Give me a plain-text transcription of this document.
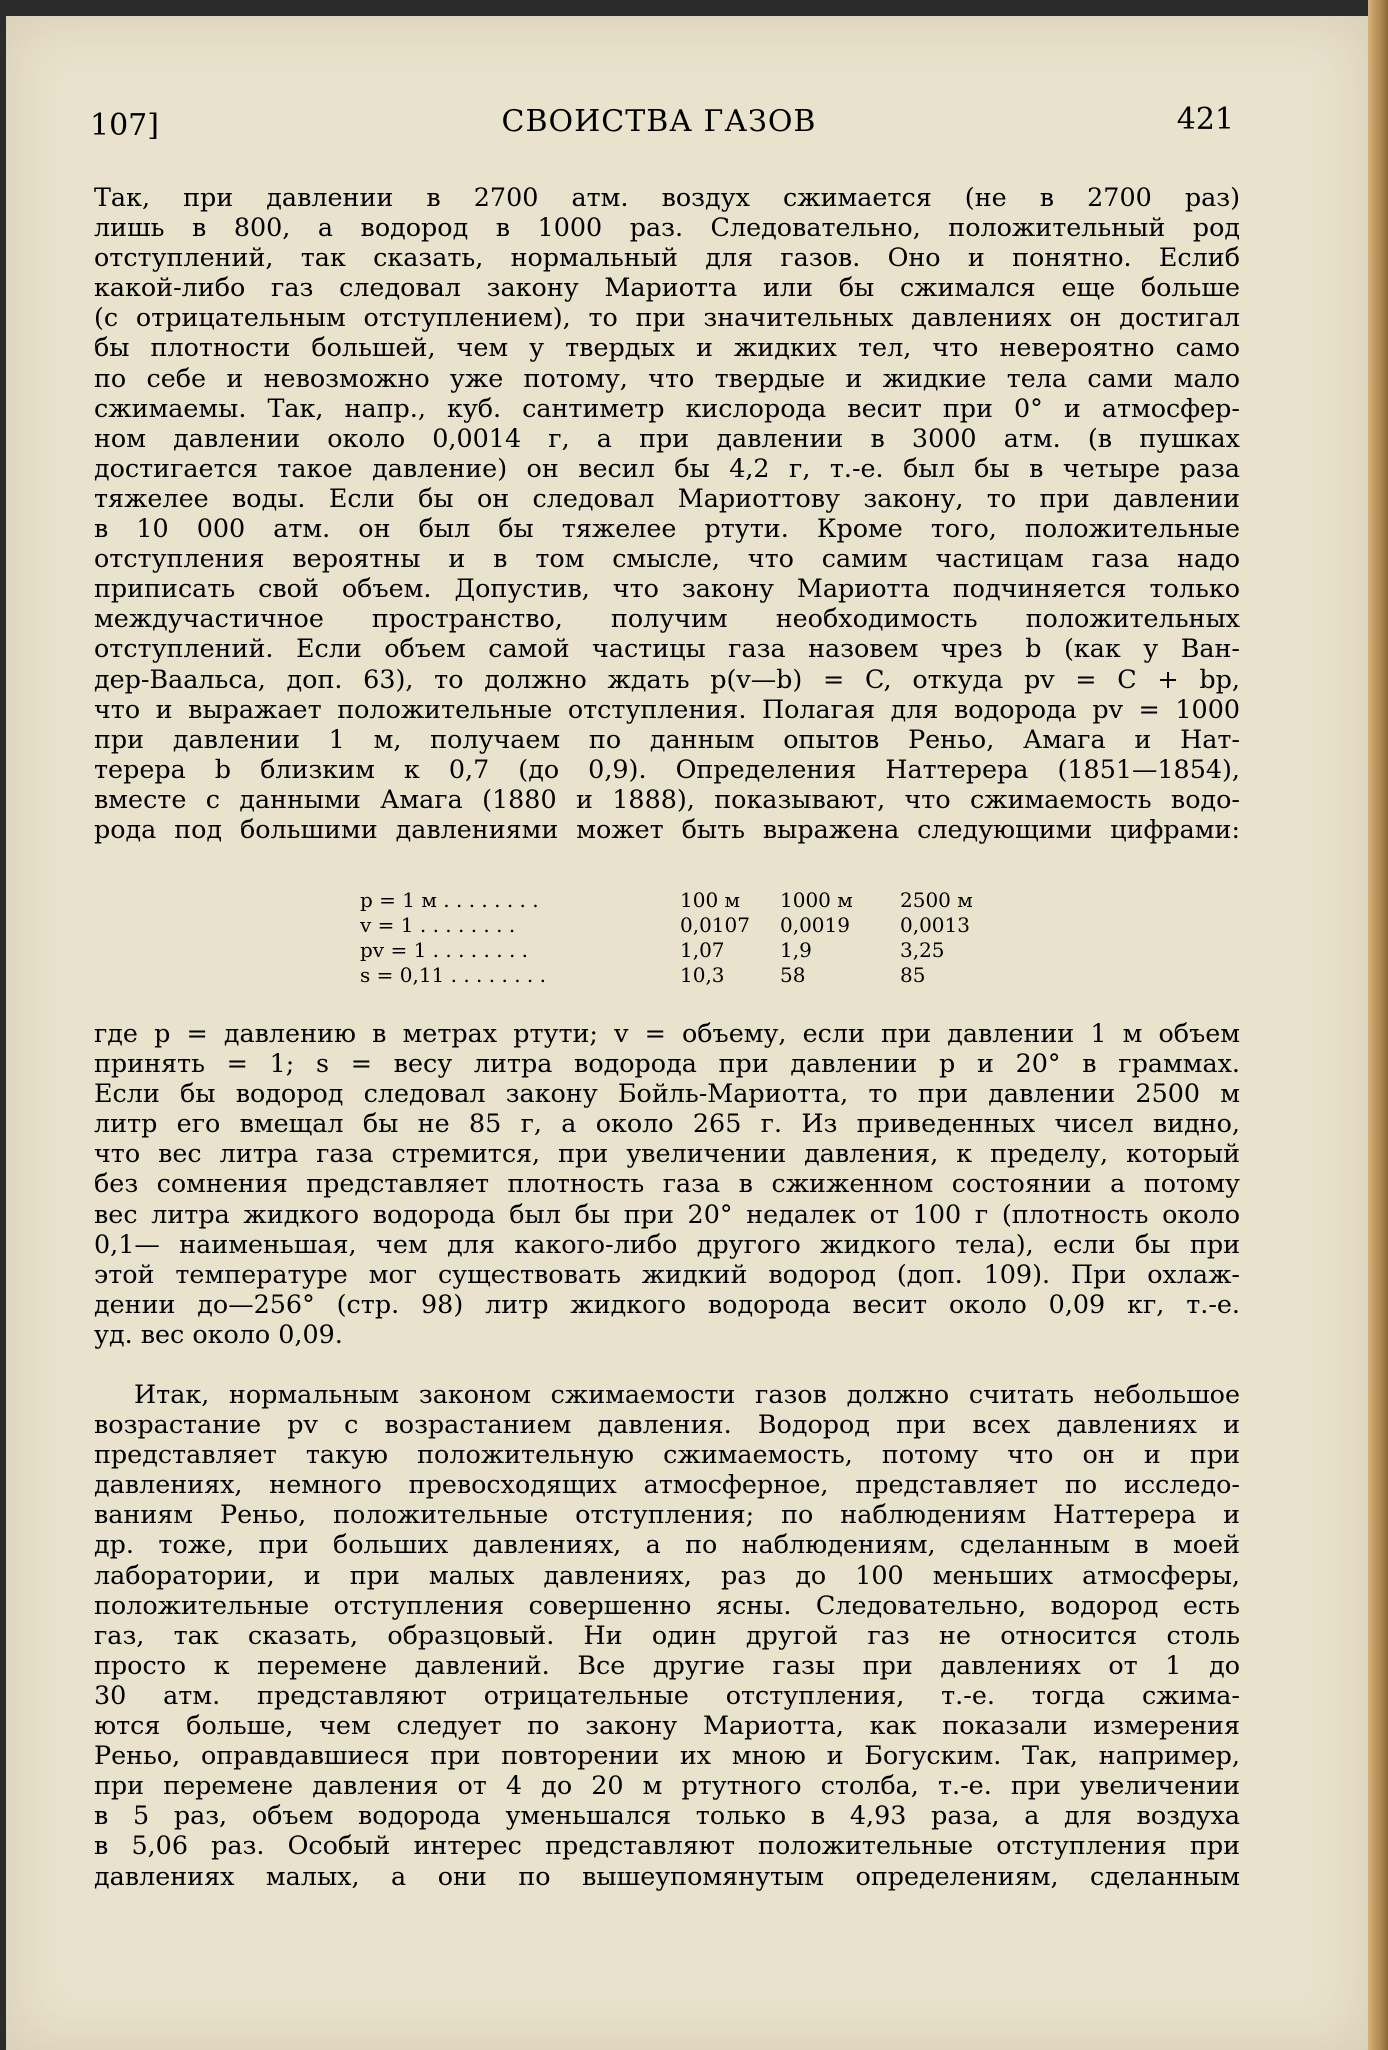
107]	СВОИСТВА ГАЗОВ	421
Так, при давлении в 2700 атм. воздух сжимается (не в 2700 раз)
лишь в 800, а водород в 1000 раз. Следовательно, положительный род
отступлений, так сказать, нормальный для газов. Оно и понятно. Еслиб
какой-либо газ следовал закону Мариотта или бы сжимался еще больше
(с отрицательным отступлением), то при значительных давлениях он достигал
бы плотности большей, чем у твердых и жидких тел, что невероятно само
по себе и невозможно уже потому, что твердые и жидкие тела сами мало
сжимаемы. Так, напр., куб. сантиметр кислорода весит при 0° и атмосфер-
ном давлении около 0,0014 г, а при давлении в 3000 атм. (в пушках
достигается такое давление) он весил бы 4,2 г, т.-е. был бы в четыре раза
тяжелее воды. Если бы он следовал Мариоттову закону, то при давлении
в 10 000 атм. он был бы тяжелее ртути. Кроме того, положительные
отступления вероятны и в том смысле, что самим частицам газа надо
приписать свой объем. Допустив, что закону Мариотта подчиняется только
междучастичное пространство, получим необходимость положительных
отступлений. Если объем самой частицы газа назовем чрез b (как у Ван-
дер-Ваальса, доп. 63), то должно ждать p(v—b) = C, откуда pv = C + bp,
что и выражает положительные отступления. Полагая для водорода pv = 1000
при давлении 1 м, получаем по данным опытов Реньо, Амага и Нат-
терера b близким к 0,7 (до 0,9). Определения Наттерера (1851—1854),
вместе с данными Амага (1880 и 1888), показывают, что сжимаемость водо-
рода под большими давлениями может быть выражена следующими цифрами:
p = 1 м . . . . . . . .	100 м 1000 м 2500 м
v = 1 . . . . . . . .	0,0107 0,0019	0,0013
pv = 1 . . . . . . . .	1,07	1,9	3,25
s = 0,11 . . . . . . . .	10,3	58	85
где p = давлению в метрах ртути; v = объему, если при давлении 1 м объем
принять = 1; s = весу литра водорода при давлении p и 20° в граммах.
Если бы водород следовал закону Бойль-Мариотта, то при давлении 2500 м
литр его вмещал бы не 85 г, а около 265 г. Из приведенных чисел видно,
что вес литра газа стремится, при увеличении давления, к пределу, который
без сомнения представляет плотность газа в сжиженном состоянии а потому
вес литра жидкого водорода был бы при 20° недалек от 100 г (плотность около
0,1— наименьшая, чем для какого-либо другого жидкого тела), если бы при
этой температуре мог существовать жидкий водород (доп. 109). При охлаж-
дении до—256° (стр. 98) литр жидкого водорода весит около 0,09 кг, т.-е.
уд. вес около 0,09.
Итак, нормальным законом сжимаемости газов должно считать небольшое
возрастание pv с возрастанием давления. Водород при всех давлениях и
представляет такую положительную сжимаемость, потому что он и при
давлениях, немного превосходящих атмосферное, представляет по исследо-
ваниям Реньо, положительные отступления; по наблюдениям Наттерера и
др. тоже, при больших давлениях, а по наблюдениям, сделанным в моей
лаборатории, и при малых давлениях, раз до 100 меньших атмосферы,
положительные отступления совершенно ясны. Следовательно, водород есть
газ, так сказать, образцовый. Ни один другой газ не относится столь
просто к перемене давлений. Все другие газы при давлениях от 1 до
30 атм. представляют отрицательные отступления, т.-е. тогда сжима-
ются больше, чем следует по закону Мариотта, как показали измерения
Реньо, оправдавшиеся при повторении их мною и Богуским. Так, например,
при перемене давления от 4 до 20 м ртутного столба, т.-е. при увеличении
в 5 раз, объем водорода уменьшался только в 4,93 раза, а для воздуха
в 5,06 раз. Особый интерес представляют положительные отступления при
давлениях малых, а они по вышеупомянутым определениям, сделанным
